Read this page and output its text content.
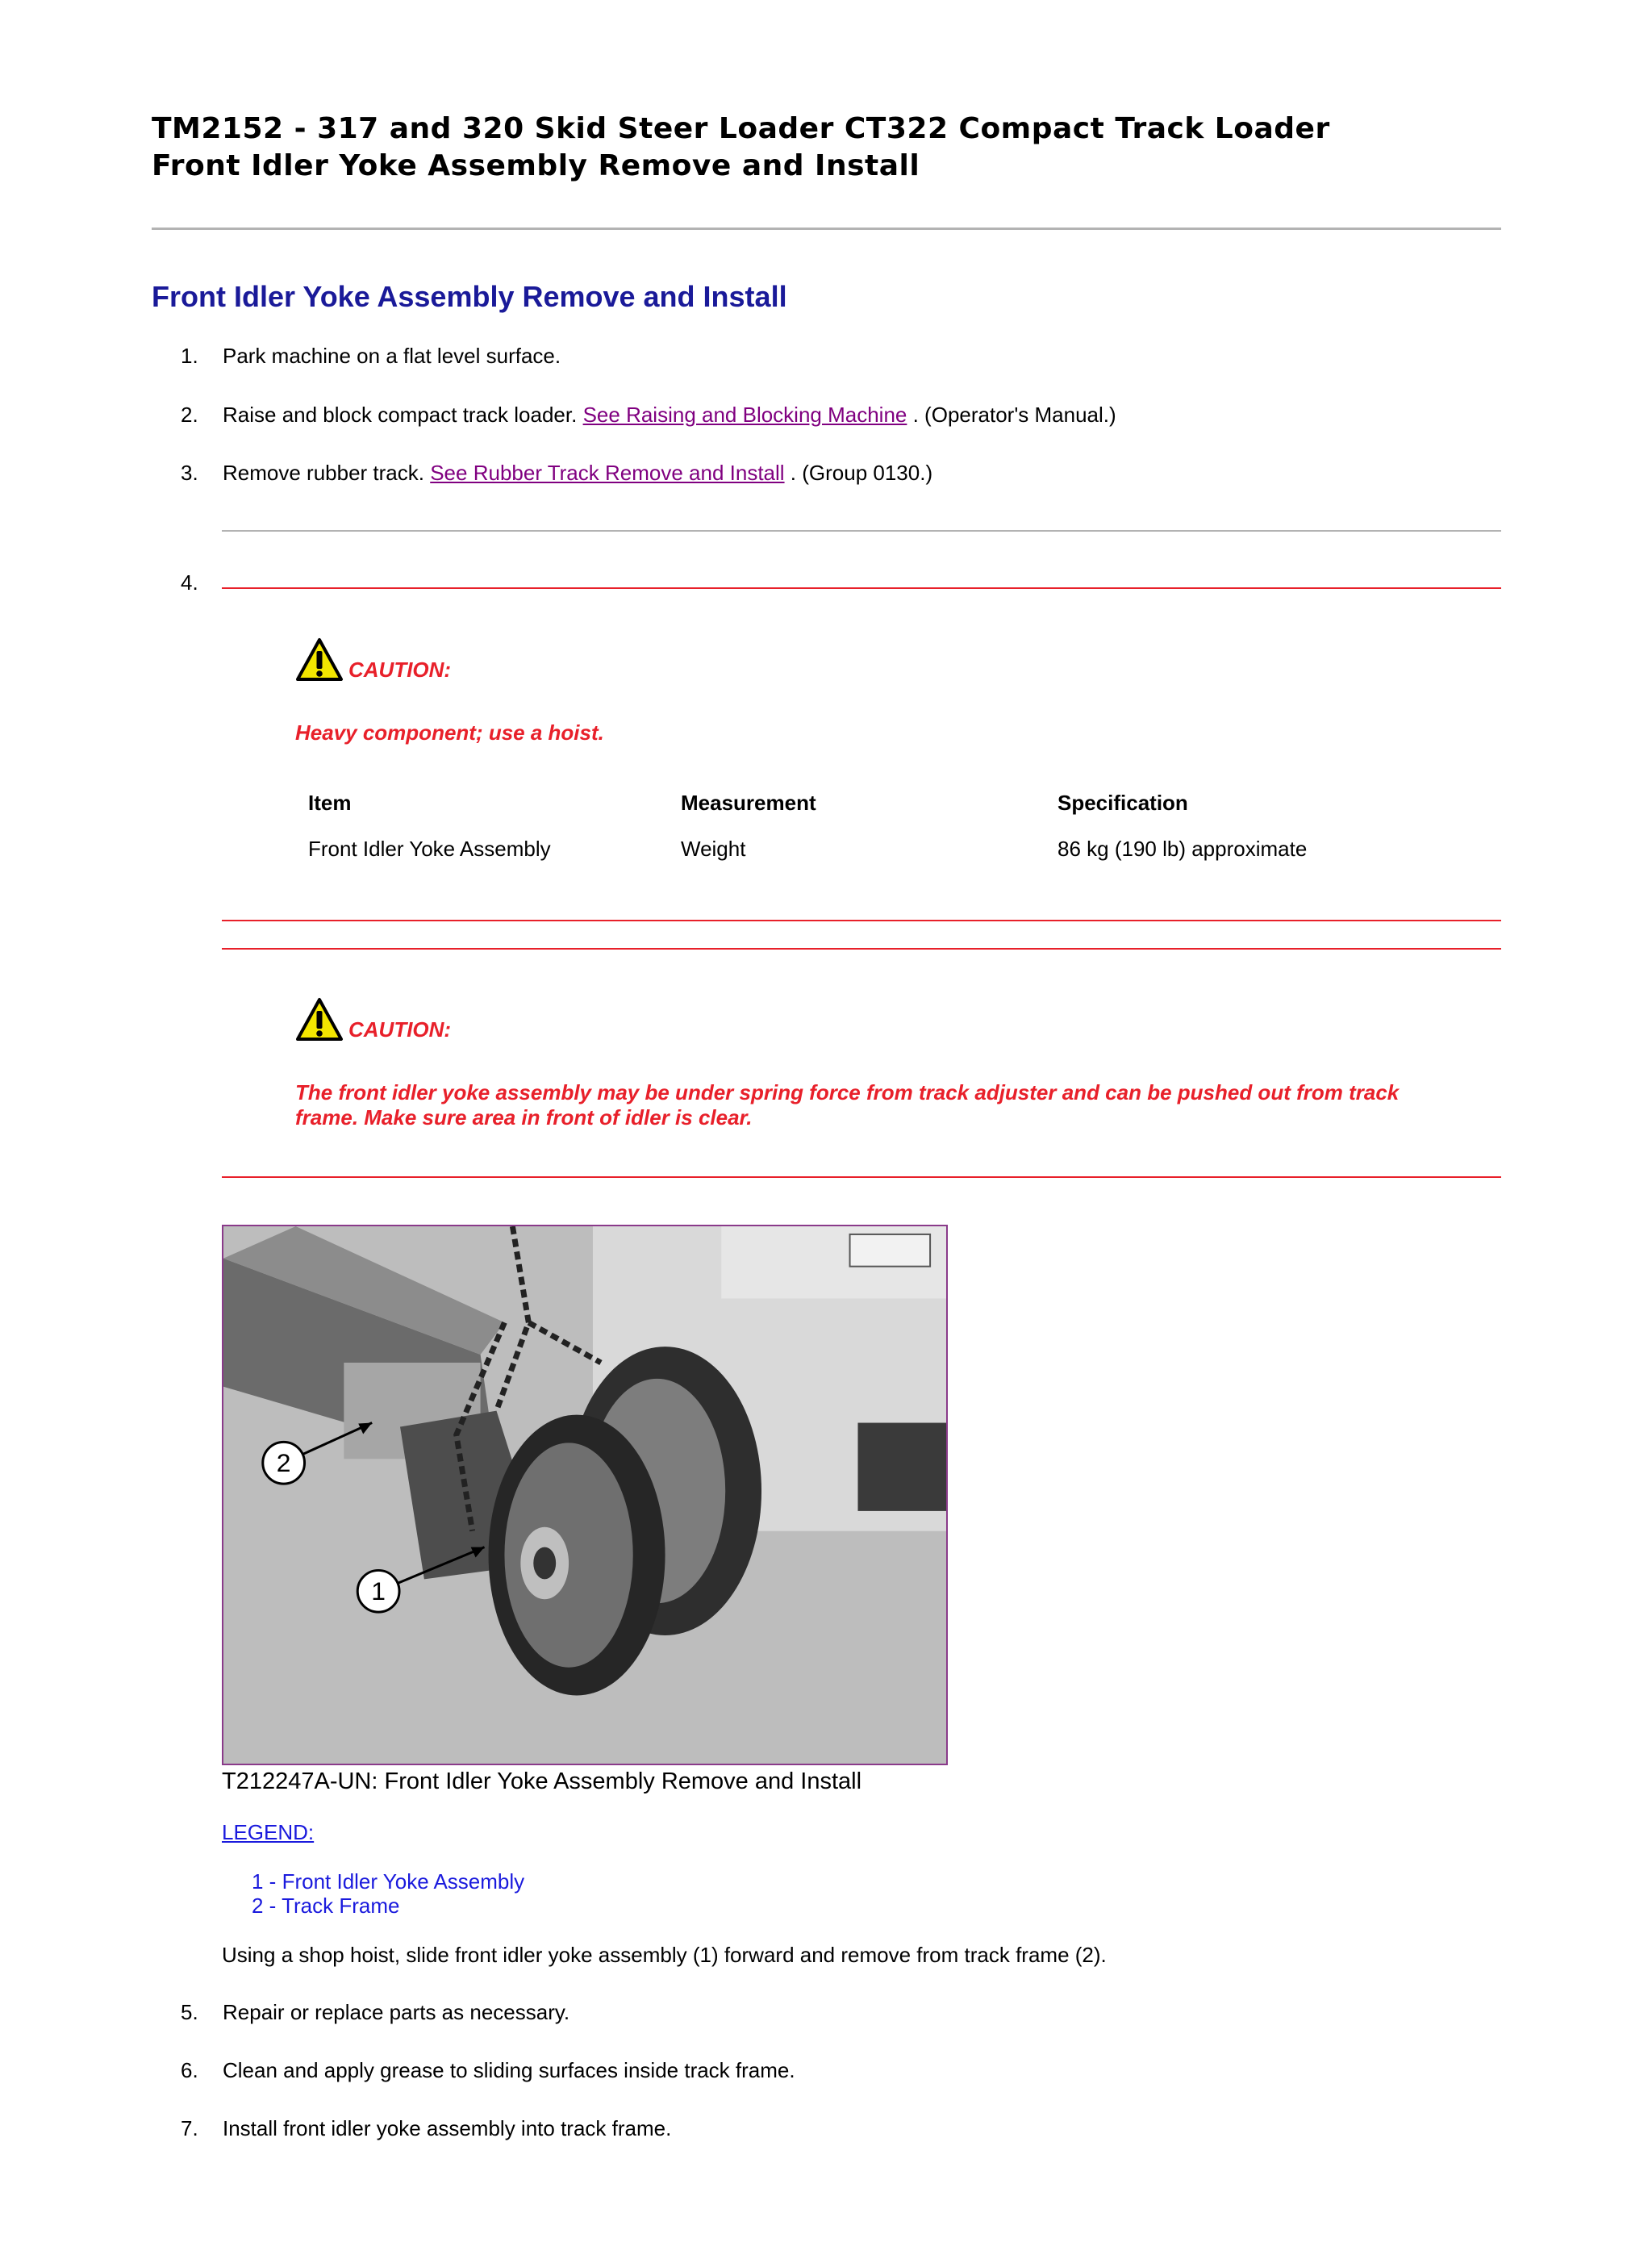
TM2152 - 317 and 320 Skid Steer Loader CT322 Compact Track Loader
Front Idler Yoke Assembly Remove and Install
Front Idler Yoke Assembly Remove and Install
1.	Park machine on a flat level surface.
2.	Raise and block compact track loader. See Raising and Blocking Machine . (Operator's Manual.)
3.	Remove rubber track. See Rubber Track Remove and Install . (Group 0130.)
4.
CAUTION:
Heavy component; use a hoist.
Item	Measurement	Specification
Front Idler Yoke Assembly	Weight	86 kg (190 lb) approximate
CAUTION:
The front idler yoke assembly may be under spring force from track adjuster and can be pushed out from track frame. Make sure area in front of idler is clear.
2
1
T212247A-UN: Front Idler Yoke Assembly Remove and Install
LEGEND:
1 - Front Idler Yoke Assembly
2 - Track Frame
Using a shop hoist, slide front idler yoke assembly (1) forward and remove from track frame (2).
5.	Repair or replace parts as necessary.
6.	Clean and apply grease to sliding surfaces inside track frame.
7.	Install front idler yoke assembly into track frame.
